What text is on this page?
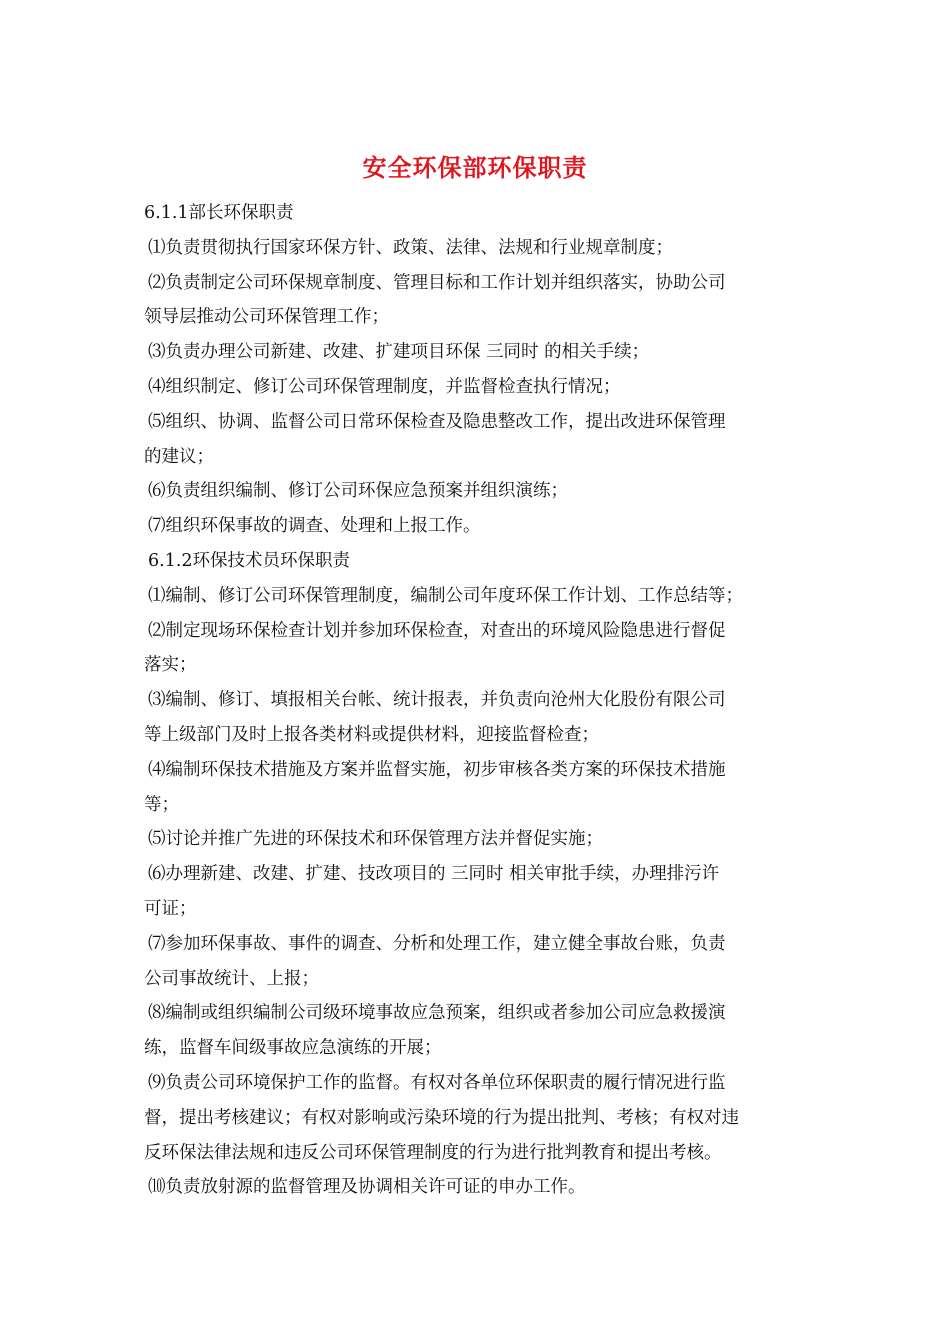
安全环保部环保职责
6.1.1部长环保职责
⑴负责贯彻执行国家环保方针、政策、法律、法规和行业规章制度；
⑵负责制定公司环保规章制度、管理目标和工作计划并组织落实，协助公司
领导层推动公司环保管理工作；
⑶负责办理公司新建、改建、扩建项目环保 三同时 的相关手续；
⑷组织制定、修订公司环保管理制度，并监督检查执行情况；
⑸组织、协调、监督公司日常环保检查及隐患整改工作，提出改进环保管理
的建议；
⑹负责组织编制、修订公司环保应急预案并组织演练；
⑺组织环保事故的调查、处理和上报工作。
6.1.2环保技术员环保职责
⑴编制、修订公司环保管理制度，编制公司年度环保工作计划、工作总结等；
⑵制定现场环保检查计划并参加环保检查，对查出的环境风险隐患进行督促
落实；
⑶编制、修订、填报相关台帐、统计报表，并负责向沧州大化股份有限公司
等上级部门及时上报各类材料或提供材料，迎接监督检查；
⑷编制环保技术措施及方案并监督实施，初步审核各类方案的环保技术措施
等；
⑸讨论并推广先进的环保技术和环保管理方法并督促实施；
⑹办理新建、改建、扩建、技改项目的 三同时 相关审批手续，办理排污许
可证；
⑺参加环保事故、事件的调查、分析和处理工作，建立健全事故台账，负责
公司事故统计、上报；
⑻编制或组织编制公司级环境事故应急预案，组织或者参加公司应急救援演
练，监督车间级事故应急演练的开展；
⑼负责公司环境保护工作的监督。有权对各单位环保职责的履行情况进行监
督，提出考核建议；有权对影响或污染环境的行为提出批判、考核；有权对违
反环保法律法规和违反公司环保管理制度的行为进行批判教育和提出考核。
⑽负责放射源的监督管理及协调相关许可证的申办工作。
